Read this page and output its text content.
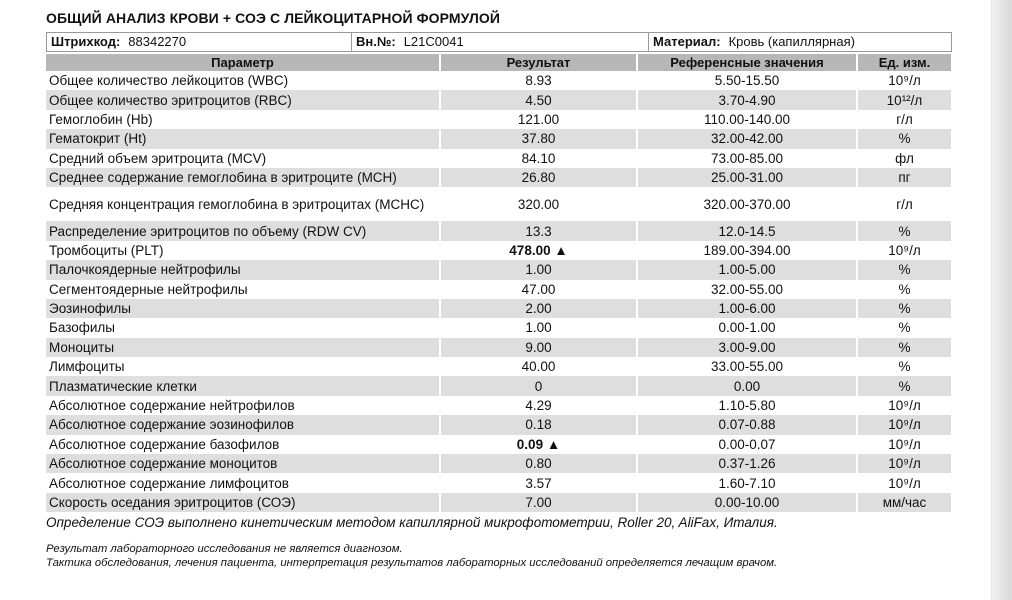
ОБЩИЙ АНАЛИЗ КРОВИ + СОЭ С ЛЕЙКОЦИТАРНОЙ ФОРМУЛОЙ
Штрихкод: 88342270	Вн.№: L21C0041	Материал: Кровь (капиллярная)
Параметр	Результат	Референсные значения	Ед. изм.
Общее количество лейкоцитов (WBC)	8.93	5.50-15.50	10⁹/л
Общее количество эритроцитов (RBC)	4.50	3.70-4.90	10¹²/л
Гемоглобин (Hb)	121.00	110.00-140.00	г/л
Гематокрит (Ht)	37.80	32.00-42.00	%
Средний объем эритроцита (MCV)	84.10	73.00-85.00	фл
Среднее содержание гемоглобина в эритроците (MCH)	26.80	25.00-31.00	пг
Средняя концентрация гемоглобина в эритроцитах (MCHC)	320.00	320.00-370.00	г/л
Распределение эритроцитов по объему (RDW CV)	13.3	12.0-14.5	%
Тромбоциты (PLT)	478.00 ▲	189.00-394.00	10⁹/л
Палочкоядерные нейтрофилы	1.00	1.00-5.00	%
Сегментоядерные нейтрофилы	47.00	32.00-55.00	%
Эозинофилы	2.00	1.00-6.00	%
Базофилы	1.00	0.00-1.00	%
Моноциты	9.00	3.00-9.00	%
Лимфоциты	40.00	33.00-55.00	%
Плазматические клетки	0	0.00	%
Абсолютное содержание нейтрофилов	4.29	1.10-5.80	10⁹/л
Абсолютное содержание эозинофилов	0.18	0.07-0.88	10⁹/л
Абсолютное содержание базофилов	0.09 ▲	0.00-0.07	10⁹/л
Абсолютное содержание моноцитов	0.80	0.37-1.26	10⁹/л
Абсолютное содержание лимфоцитов	3.57	1.60-7.10	10⁹/л
Скорость оседания эритроцитов (СОЭ)	7.00	0.00-10.00	мм/час
Определение СОЭ выполнено кинетическим методом капиллярной микрофотометрии, Roller 20, AliFax, Италия.
Результат лабораторного исследования не является диагнозом.
Тактика обследования, лечения пациента, интерпретация результатов лабораторных исследований определяется лечащим врачом.
